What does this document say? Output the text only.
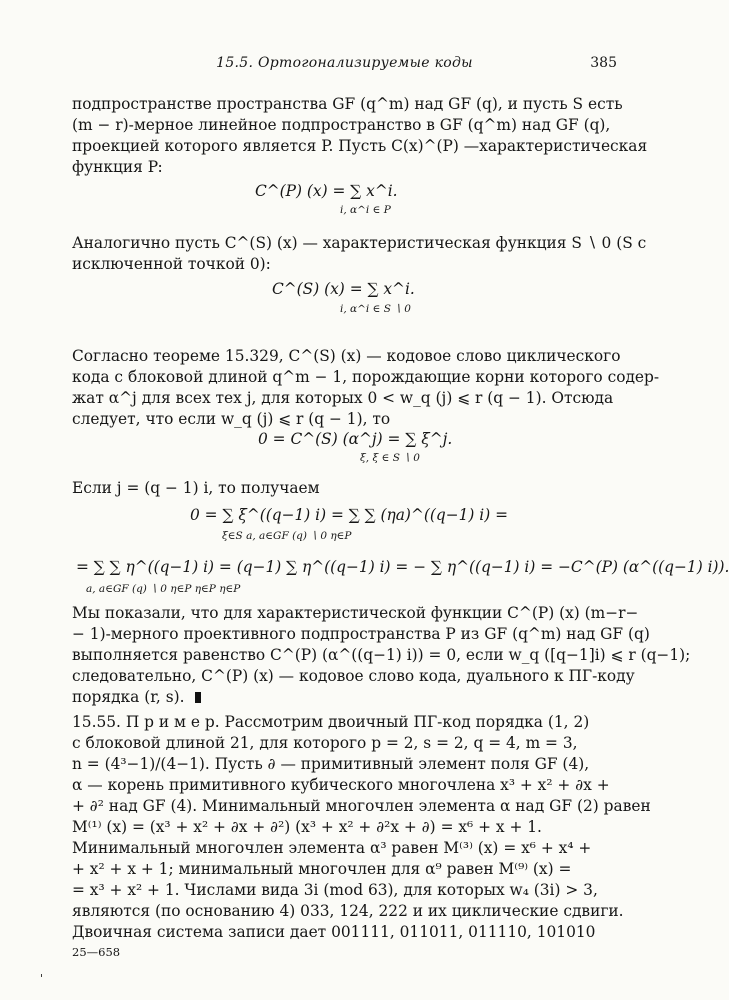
15.5. Ортогонализируемые коды	385
подпространстве пространства GF (q^m) над GF (q), и пусть S есть
(m − r)-мерное линейное подпространство в GF (q^m) над GF (q),
проекцией которого является P. Пусть C(x)^(P) —характеристическая
функция P:
C^(P) (x) = ∑ x^i.
i, α^i ∈ P
Аналогично пусть C^(S) (x) — характеристическая функция S ∖ 0 (S с
исключенной точкой 0):
C^(S) (x) = ∑ x^i.
i, α^i ∈ S ∖ 0
Согласно теореме 15.329, C^(S) (x) — кодовое слово циклического
кода с блоковой длиной q^m − 1, порождающие корни которого содер-
жат α^j для всех тех j, для которых 0 < w_q (j) ⩽ r (q − 1). Отсюда
следует, что если w_q (j) ⩽ r (q − 1), то
0 = C^(S) (α^j) = ∑ ξ^j.
ξ, ξ ∈ S ∖ 0
Если j = (q − 1) i, то получаем
0 = ∑ ξ^((q−1) i) = ∑ ∑ (ηa)^((q−1) i) =
ξ∈S a, a∈GF (q) ∖ 0 η∈P
= ∑ ∑ η^((q−1) i) = (q−1) ∑ η^((q−1) i) = − ∑ η^((q−1) i) = −C^(P) (α^((q−1) i)).
a, a∈GF (q) ∖ 0 η∈P η∈P η∈P
Мы показали, что для характеристической функции C^(P) (x) (m−r−
− 1)-мерного проективного подпространства P из GF (q^m) над GF (q)
выполняется равенство C^(P) (α^((q−1) i)) = 0, если w_q ([q−1]i) ⩽ r (q−1);
следовательно, C^(P) (x) — кодовое слово кода, дуального к ПГ-коду
порядка (r, s).
15.55. П р и м е р. Рассмотрим двоичный ПГ-код порядка (1, 2)
с блоковой длиной 21, для которого p = 2, s = 2, q = 4, m = 3,
n = (4³−1)/(4−1). Пусть ∂ — примитивный элемент поля GF (4),
α — корень примитивного кубического многочлена x³ + x² + ∂x +
+ ∂² над GF (4). Минимальный многочлен элемента α над GF (2) равен
M⁽¹⁾ (x) = (x³ + x² + ∂x + ∂²) (x³ + x² + ∂²x + ∂) = x⁶ + x + 1.
Минимальный многочлен элемента α³ равен M⁽³⁾ (x) = x⁶ + x⁴ +
+ x² + x + 1; минимальный многочлен для α⁹ равен M⁽⁹⁾ (x) =
= x³ + x² + 1. Числами вида 3i (mod 63), для которых w₄ (3i) > 3,
являются (по основанию 4) 033, 124, 222 и их циклические сдвиги.
Двоичная система записи дает 001111, 011011, 011110, 101010
25—658
'
